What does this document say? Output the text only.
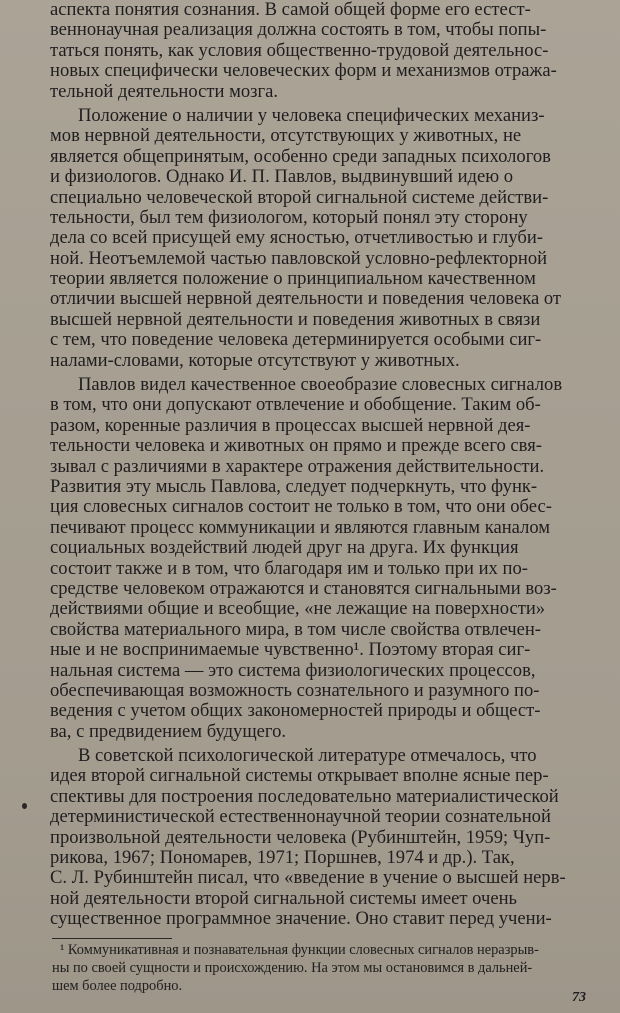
аспекта понятия сознания. В самой общей форме его естест-
веннонаучная реализация должна состоять в том, чтобы попы-
таться понять, как условия общественно-трудовой деятельнос-
новых специфически человеческих форм и механизмов отража-
тельной деятельности мозга.
Положение о наличии у человека специфических механиз-
мов нервной деятельности, отсутствующих у животных, не
является общепринятым, особенно среди западных психологов
и физиологов. Однако И. П. Павлов, выдвинувший идею о
специально человеческой второй сигнальной системе действи-
тельности, был тем физиологом, который понял эту сторону
дела со всей присущей ему ясностью, отчетливостью и глуби-
ной. Неотъемлемой частью павловской условно-рефлекторной
теории является положение о принципиальном качественном
отличии высшей нервной деятельности и поведения человека от
высшей нервной деятельности и поведения животных в связи
с тем, что поведение человека детерминируется особыми сиг-
налами-словами, которые отсутствуют у животных.
Павлов видел качественное своеобразие словесных сигналов
в том, что они допускают отвлечение и обобщение. Таким об-
разом, коренные различия в процессах высшей нервной дея-
тельности человека и животных он прямо и прежде всего свя-
зывал с различиями в характере отражения действительности.
Развития эту мысль Павлова, следует подчеркнуть, что функ-
ция словесных сигналов состоит не только в том, что они обес-
печивают процесс коммуникации и являются главным каналом
социальных воздействий людей друг на друга. Их функция
состоит также и в том, что благодаря им и только при их по-
средстве человеком отражаются и становятся сигнальными воз-
действиями общие и всеобщие, «не лежащие на поверхности»
свойства материального мира, в том числе свойства отвлечен-
ные и не воспринимаемые чувственно¹. Поэтому вторая сиг-
нальная система — это система физиологических процессов,
обеспечивающая возможность сознательного и разумного по-
ведения с учетом общих закономерностей природы и общест-
ва, с предвидением будущего.
В советской психологической литературе отмечалось, что
идея второй сигнальной системы открывает вполне ясные пер-
спективы для построения последовательно материалистической
детерминистической естественнонаучной теории сознательной
произвольной деятельности человека (Рубинштейн, 1959; Чуп-
рикова, 1967; Пономарев, 1971; Поршнев, 1974 и др.). Так,
С. Л. Рубинштейн писал, что «введение в учение о высшей нерв-
ной деятельности второй сигнальной системы имеет очень
существенное программное значение. Оно ставит перед учени-
¹ Коммуникативная и познавательная функции словесных сигналов неразрыв-
ны по своей сущности и происхождению. На этом мы остановимся в дальней-
шем более подробно.
73
